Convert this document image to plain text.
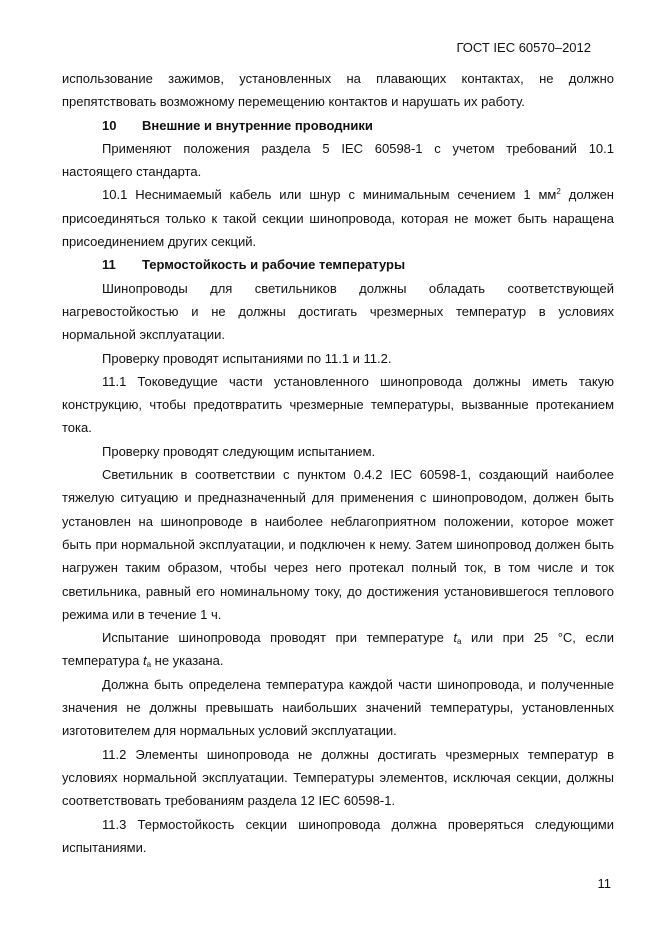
ГОСТ IEC 60570–2012

использование зажимов, установленных на плавающих контактах, не должно препятствовать возможному перемещению контактов и нарушать их работу.

10 Внешние и внутренние проводники

Применяют положения раздела 5 IEC 60598-1 с учетом требований 10.1 настоящего стандарта.

10.1 Неснимаемый кабель или шнур с минимальным сечением 1 $мм^2$ должен присоединяться только к такой секции шинопровода, которая не может быть наращена присоединением других секций.

11 Термостойкость и рабочие температуры

Шинопроводы для светильников должны обладать соответствующей нагревостойкостью и не должны достигать чрезмерных температур в условиях нормальной эксплуатации.

Проверку проводят испытаниями по 11.1 и 11.2.

11.1 Токоведущие части установленного шинопровода должны иметь такую конструкцию, чтобы предотвратить чрезмерные температуры, вызванные протеканием тока.

Проверку проводят следующим испытанием.

Светильник в соответствии с пунктом 0.4.2 IEC 60598-1, создающий наиболее тяжелую ситуацию и предназначенный для применения с шинопроводом, должен быть установлен на шинопроводе в наиболее неблагоприятном положении, которое может быть при нормальной эксплуатации, и подключен к нему. Затем шинопровод должен быть нагружен таким образом, чтобы через него протекал полный ток, в том числе и ток светильника, равный его номинальному току, до достижения установившегося теплового режима или в течение 1 ч.

Испытание шинопровода проводят при температуре $t_a$ или при 25 °C, если температура $t_a$ не указана.

Должна быть определена температура каждой части шинопровода, и полученные значения не должны превышать наибольших значений температуры, установленных изготовителем для нормальных условий эксплуатации.

11.2 Элементы шинопровода не должны достигать чрезмерных температур в условиях нормальной эксплуатации. Температуры элементов, исключая секции, должны соответствовать требованиям раздела 12 IEC 60598-1.

11.3 Термостойкость секции шинопровода должна проверяться следующими испытаниями.

11
